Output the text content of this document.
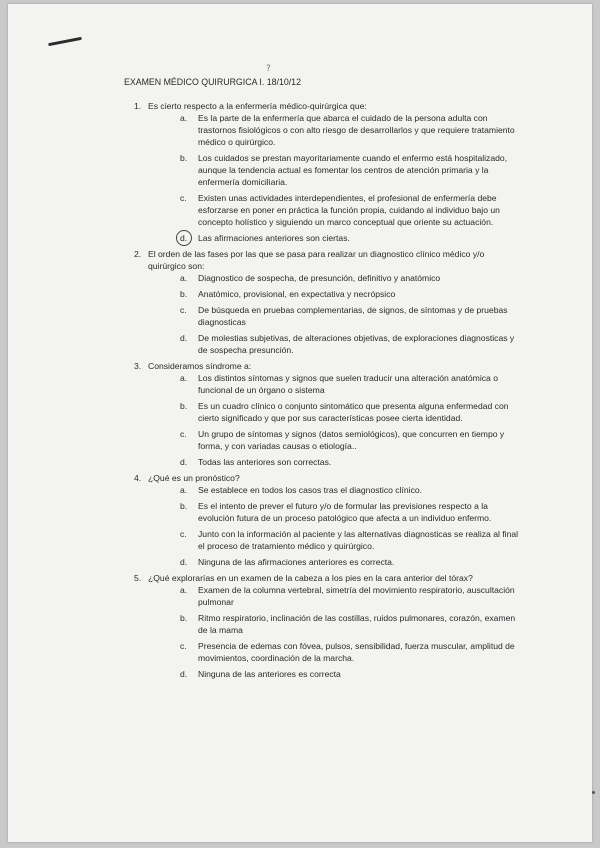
?
EXAMEN MÉDICO QUIRURGICA I. 18/10/12
1. Es cierto respecto a la enfermería médico-quirúrgica que:
a.	Es la parte de la enfermería que abarca el cuidado de la persona adulta con trastornos fisiológicos o con alto riesgo de desarrollarlos y que requiere tratamiento médico o quirúrgico.
b.	Los cuidados se prestan mayoritariamente cuando el enfermo está hospitalizado, aunque la tendencia actual es fomentar los centros de atención primaria y la enfermería domiciliaria.
c.	Existen unas actividades interdependientes, el profesional de enfermería debe esforzarse en poner en práctica la función propia, cuidando al individuo bajo un concepto holístico y siguiendo un marco conceptual que oriente su actuación.
d.	Las afirmaciones anteriores son ciertas.
2. El orden de las fases por las que se pasa para realizar un diagnostico clínico médico y/o quirúrgico son:
a.	Diagnostico de sospecha, de presunción, definitivo y anatómico
b.	Anatómico, provisional, en expectativa y necrópsico
c.	De búsqueda en pruebas complementarias, de signos, de síntomas y de pruebas diagnosticas
d.	De molestias subjetivas, de alteraciones objetivas, de exploraciones diagnosticas y de sospecha presunción.
3. Consideramos síndrome a:
a.	Los distintos síntomas y signos que suelen traducir una alteración anatómica o funcional de un órgano o sistema
b.	Es un cuadro clínico o conjunto sintomático que presenta alguna enfermedad con cierto significado y que por sus características posee cierta identidad.
c.	Un grupo de síntomas y signos (datos semiológicos), que concurren en tiempo y forma, y con variadas causas o etiología..
d.	Todas las anteriores son correctas.
4. ¿Qué es un pronóstico?
a.	Se establece en todos los casos tras el diagnostico clínico.
b.	Es el intento de prever el futuro y/o de formular las previsiones respecto a la evolución futura de un proceso patológico que afecta a un individuo enfermo.
c.	Junto con la información al paciente y las alternativas diagnosticas se realiza al final el proceso de tratamiento médico y quirúrgico.
d.	Ninguna de las afirmaciones anteriores es correcta.
5. ¿Qué explorarías en un examen de la cabeza a los pies en la cara anterior del tórax?
a.	Examen de la columna vertebral, simetría del movimiento respiratorio, auscultación pulmonar
b.	Ritmo respiratorio, inclinación de las costillas, ruidos pulmonares, corazón, examen de la mama
c.	Presencia de edemas con fóvea, pulsos, sensibilidad, fuerza muscular, amplitud de movimientos, coordinación de la marcha.
d.	Ninguna de las anteriores es correcta
